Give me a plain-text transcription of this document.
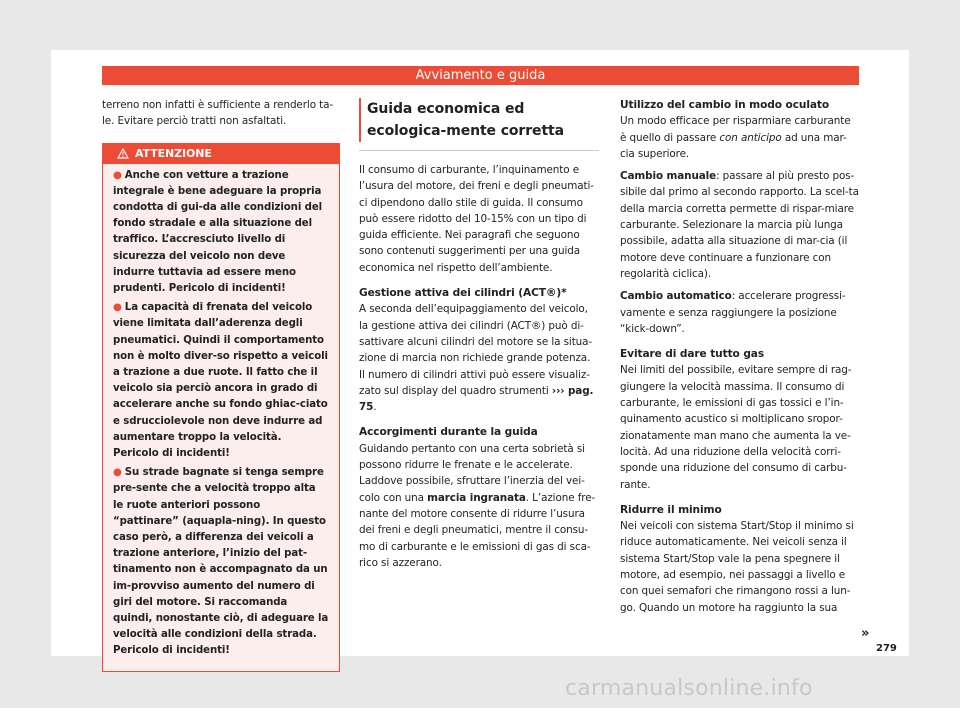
Avviamento e guida

terreno non infatti è sufficiente a renderlo ta-le. Evitare perciò tratti non asfaltati.

ATTENZIONE
● Anche con vetture a trazione integrale è bene adeguare la propria condotta di gui-da alle condizioni del fondo stradale e alla situazione del traffico. L’accresciuto livello di sicurezza del veicolo non deve indurre tuttavia ad essere meno prudenti. Pericolo di incidenti!
● La capacità di frenata del veicolo viene limitata dall’aderenza degli pneumatici. Quindi il comportamento non è molto diver-so rispetto a veicoli a trazione a due ruote. Il fatto che il veicolo sia perciò ancora in grado di accelerare anche su fondo ghiac-ciato e sdrucciolevole non deve indurre ad aumentare troppo la velocità. Pericolo di incidenti!
● Su strade bagnate si tenga sempre pre-sente che a velocità troppo alta le ruote anteriori possono “pattinare” (aquapla-ning). In questo caso però, a differenza dei veicoli a trazione anteriore, l’inizio del pat-tinamento non è accompagnato da un im-provviso aumento del numero di giri del motore. Si raccomanda quindi, nonostante ciò, di adeguare la velocità alle condizioni della strada. Pericolo di incidenti!
Guida economica ed ecologica-mente corretta

Il consumo di carburante, l’inquinamento e l’usura del motore, dei freni e degli pneumati-ci dipendono dallo stile di guida. Il consumo può essere ridotto del 10-15% con un tipo di guida efficiente. Nei paragrafi che seguono sono contenuti suggerimenti per una guida economica nel rispetto dell’ambiente.

Gestione attiva dei cilindri (ACT®)*

A seconda dell’equipaggiamento del veicolo, la gestione attiva dei cilindri (ACT®) può di-sattivare alcuni cilindri del motore se la situa-zione di marcia non richiede grande potenza. Il numero di cilindri attivi può essere visualiz-zato sul display del quadro strumenti ››› pag. 75.

Accorgimenti durante la guida

Guidando pertanto con una certa sobrietà si possono ridurre le frenate e le accelerate. Laddove possibile, sfruttare l’inerzia del vei-colo con una marcia ingranata. L’azione fre-nante del motore consente di ridurre l’usura dei freni e degli pneumatici, mentre il consu-mo di carburante e le emissioni di gas di sca-rico si azzerano.

Utilizzo del cambio in modo oculato

Un modo efficace per risparmiare carburante è quello di passare con anticipo ad una mar-cia superiore.

Cambio manuale: passare al più presto pos-sibile dal primo al secondo rapporto. La scel-ta della marcia corretta permette di rispar-miare carburante. Selezionare la marcia più lunga possibile, adatta alla situazione di mar-cia (il motore deve continuare a funzionare con regolarità ciclica).

Cambio automatico: accelerare progressi-vamente e senza raggiungere la posizione “kick-down”.

Evitare di dare tutto gas

Nei limiti del possibile, evitare sempre di rag-giungere la velocità massima. Il consumo di carburante, le emissioni di gas tossici e l’in-quinamento acustico si moltiplicano sropor-zionatamente man mano che aumenta la ve-locità. Ad una riduzione della velocità corri-sponde una riduzione del consumo di carbu-rante.

Ridurre il minimo

Nei veicoli con sistema Start/Stop il minimo si riduce automaticamente. Nei veicoli senza il sistema Start/Stop vale la pena spegnere il motore, ad esempio, nei passaggi a livello e con quei semafori che rimangono rossi a lun-go. Quando un motore ha raggiunto la sua

»
279
carmanualsonline.info
